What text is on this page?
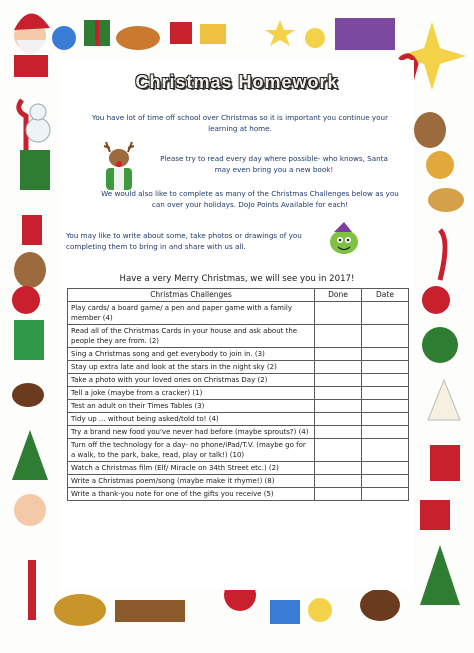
Christmas Homework

You have lot of time off school over Christmas so it is important you continue your learning at home.

Please try to read every day where possible- who knows, Santa may even bring you a new book!
We would also like to complete as many of the Christmas Challenges below as you can over your holidays. DoJo Points Available for each!
You may like to write about some, take photos or drawings of you completing them to bring in and share with us all.
Have a very Merry Christmas, we will see you in 2017!
Christmas Challenges	Done	Date
Play cards/ a board game/ a pen and paper game with a family member (4)		
Read all of the Christmas Cards in your house and ask about the people they are from. (2)		
Sing a Christmas song and get everybody to join in. (3)		
Stay up extra late and look at the stars in the night sky (2)		
Take a photo with your loved ones on Christmas Day (2)		
Tell a joke (maybe from a cracker) (1)		
Test an adult on their Times Tables (3)		
Tidy up ... without being asked/told to! (4)		
Try a brand new food you've never had before (maybe sprouts?) (4)		
Turn off the technology for a day- no phone/iPad/T.V. (maybe go for a walk, to the park, bake, read, play or talk!) (10)		
Watch a Christmas film (Elf/ Miracle on 34th Street etc.) (2)		
Write a Christmas poem/song (maybe make it rhyme!) (8)		
Write a thank-you note for one of the gifts you receive (5)		
